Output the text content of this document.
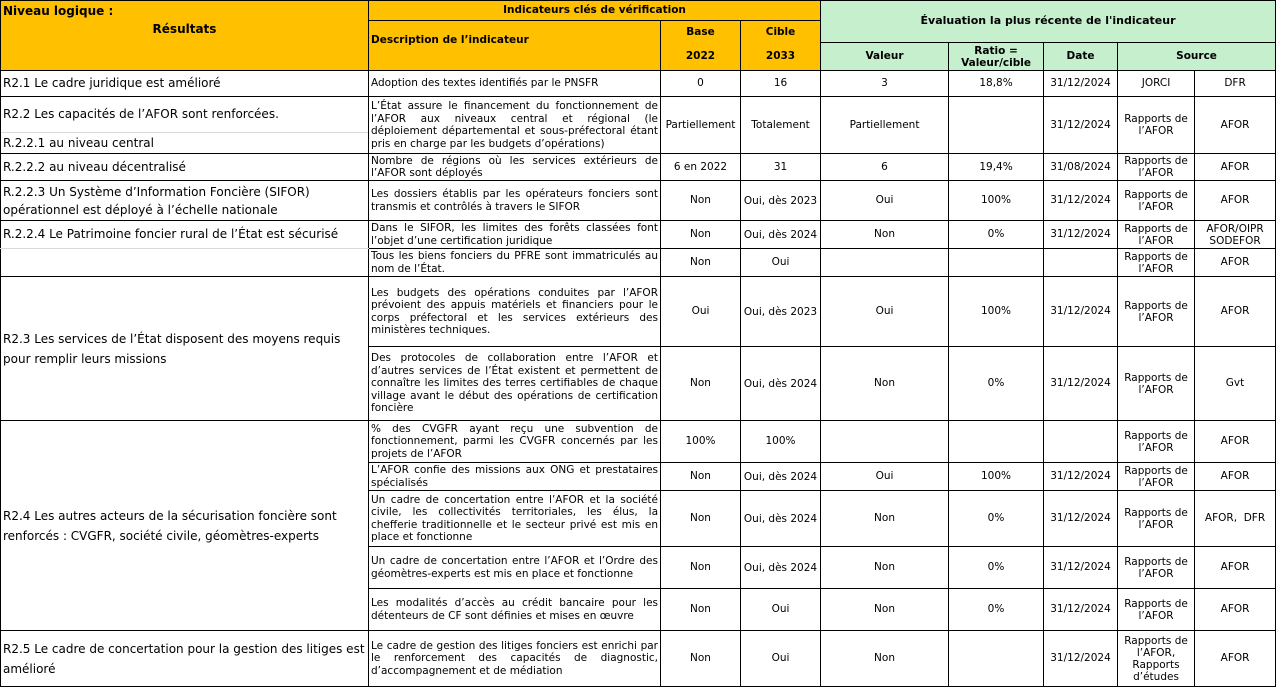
Niveau logique :	Indicateurs clés de vérification			Évaluation la plus récente de l'indicateur				
Résultats	Description de l’indicateur	Base	Cible					

		2022	2033	Valeur	Ratio = Valeur/cible	Date	Source	
R2.1 Le cadre juridique est amélioré	Adoption des textes identifiés par le PNSFR	0	16	3	18,8%	31/12/2024	JORCI	DFR

R2.2 Les capacités de l’AFOR sont renforcées.
R.2.2.1 au niveau central	L’État assure le financement du fonctionnement de l’AFOR aux niveaux central et régional (le déploiement départemental et sous-préfectoral étant pris en charge par les budgets d’opérations)	Partiellement	Totalement	Partiellement		31/12/2024	Rapports de l’AFOR	AFOR
R.2.2.2 au niveau décentralisé	Nombre de régions où les services extérieurs de l’AFOR sont déployés	6 en 2022	31	6	19,4%	31/08/2024	Rapports de l’AFOR	AFOR
R.2.2.3 Un Système d’Information Foncière (SIFOR) opérationnel est déployé à l’échelle nationale	Les dossiers établis par les opérateurs fonciers sont transmis et contrôlés à travers le SIFOR	Non	Oui, dès 2023	Oui	100%	31/12/2024	Rapports de l’AFOR	AFOR
R.2.2.4 Le Patrimoine foncier rural de l’État est sécurisé	Dans le SIFOR, les limites des forêts classées font l’objet d’une certification juridique	Non	Oui, dès 2024	Non	0%	31/12/2024	Rapports de l’AFOR	AFOR/OIPR SODEFOR
	Tous les biens fonciers du PFRE sont immatriculés au nom de l’État.	Non	Oui				Rapports de l’AFOR	AFOR
R2.3 Les services de l’État disposent des moyens requis pour remplir leurs missions	Les budgets des opérations conduites par l’AFOR prévoient des appuis matériels et financiers pour le corps préfectoral et les services extérieurs des ministères techniques.	Oui	Oui, dès 2023	Oui	100%	31/12/2024	Rapports de l’AFOR	AFOR
	Des protocoles de collaboration entre l’AFOR et d’autres services de l’État existent et permettent de connaître les limites des terres certifiables de chaque village avant le début des opérations de certification foncière	Non	Oui, dès 2024	Non	0%	31/12/2024	Rapports de l’AFOR	Gvt
R2.4 Les autres acteurs de la sécurisation foncière sont renforcés : CVGFR, société civile, géomètres-experts	% des CVGFR ayant reçu une subvention de fonctionnement, parmi les CVGFR concernés par les projets de l’AFOR	100%	100%				Rapports de l’AFOR	AFOR
	L’AFOR confie des missions aux ONG et prestataires spécialisés	Non	Oui, dès 2024	Oui	100%	31/12/2024	Rapports de l’AFOR	AFOR
	Un cadre de concertation entre l’AFOR et la société civile, les collectivités territoriales, les élus, la chefferie traditionnelle et le secteur privé est mis en place et fonctionne	Non	Oui, dès 2024	Non	0%	31/12/2024	Rapports de l’AFOR	AFOR,  DFR
	Un cadre de concertation entre l’AFOR et l’Ordre des géomètres-experts est mis en place et fonctionne	Non	Oui, dès 2024	Non	0%	31/12/2024	Rapports de l’AFOR	AFOR
	Les modalités d’accès au crédit bancaire pour les détenteurs de CF sont définies et mises en œuvre	Non	Oui	Non	0%	31/12/2024	Rapports de l’AFOR	AFOR
R2.5 Le cadre de concertation pour la gestion des litiges est amélioré	Le cadre de gestion des litiges fonciers est enrichi par le renforcement des capacités de diagnostic, d’accompagnement et de médiation	Non	Oui	Non		31/12/2024	Rapports de l’AFOR, Rapports d’études	AFOR
